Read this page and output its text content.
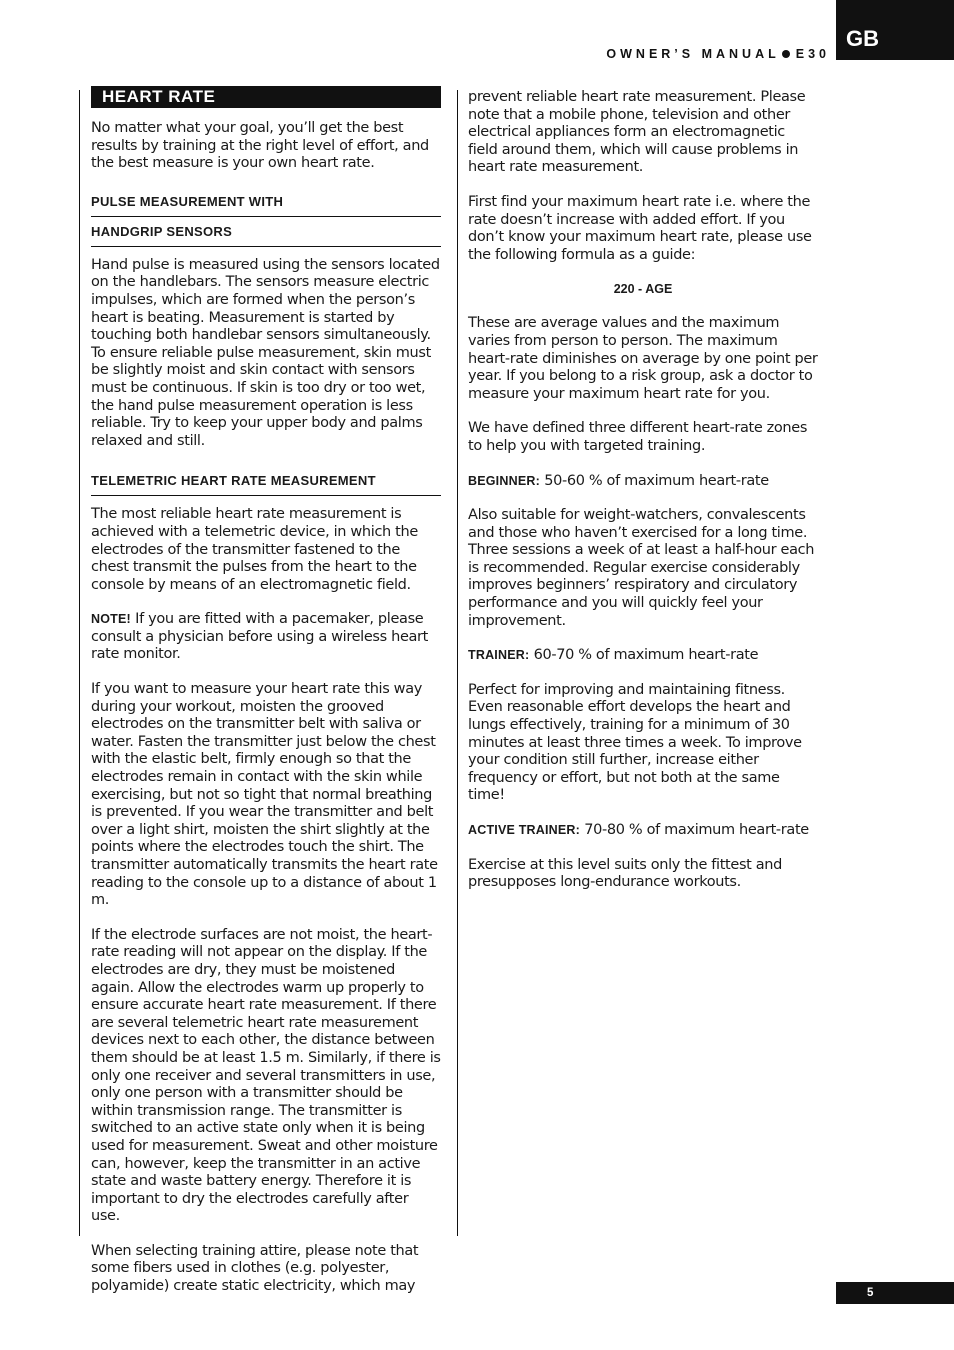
GB
OWNER’S MANUAL E30
HEART RATE

No matter what your goal, you’ll get the best results by training at the right level of effort, and the best measure is your own heart rate.

PULSE MEASUREMENT WITH
HANDGRIP SENSORS

Hand pulse is measured using the sensors located on the handlebars. The sensors measure electric impulses, which are formed when the person’s heart is beating. Measurement is started by touching both handlebar sensors simultaneously. To ensure reliable pulse measurement, skin must be slightly moist and skin contact with sensors must be continuous. If skin is too dry or too wet, the hand pulse measurement operation is less reliable. Try to keep your upper body and palms relaxed and still.

TELEMETRIC HEART RATE MEASUREMENT

The most reliable heart rate measurement is achieved with a telemetric device, in which the electrodes of the transmitter fastened to the chest transmit the pulses from the heart to the console by means of an electromagnetic field.

NOTE! If you are fitted with a pacemaker, please consult a physician before using a wireless heart rate monitor.

If you want to measure your heart rate this way during your workout, moisten the grooved electrodes on the transmitter belt with saliva or water. Fasten the transmitter just below the chest with the elastic belt, firmly enough so that the electrodes remain in contact with the skin while exercising, but not so tight that normal breathing is prevented. If you wear the transmitter and belt over a light shirt, moisten the shirt slightly at the points where the electrodes touch the shirt. The transmitter automatically transmits the heart rate reading to the console up to a distance of about 1 m.

If the electrode surfaces are not moist, the heart-rate reading will not appear on the display. If the electrodes are dry, they must be moistened again. Allow the electrodes warm up properly to ensure accurate heart rate measurement. If there are several telemetric heart rate measurement devices next to each other, the distance between them should be at least 1.5 m. Similarly, if there is only one receiver and several transmitters in use, only one person with a transmitter should be within transmission range. The transmitter is switched to an active state only when it is being used for measurement. Sweat and other moisture can, however, keep the transmitter in an active state and waste battery energy. Therefore it is important to dry the electrodes carefully after use.

When selecting training attire, please note that some fibers used in clothes (e.g. polyester, polyamide) create static electricity, which may

prevent reliable heart rate measurement. Please note that a mobile phone, television and other electrical appliances form an electromagnetic field around them, which will cause problems in heart rate measurement.

First find your maximum heart rate i.e. where the rate doesn’t increase with added effort. If you don’t know your maximum heart rate, please use the following formula as a guide:

220 - AGE

These are average values and the maximum varies from person to person. The maximum heart-rate diminishes on average by one point per year. If you belong to a risk group, ask a doctor to measure your maximum heart rate for you.

We have defined three different heart-rate zones to help you with targeted training.

BEGINNER: 50-60 % of maximum heart-rate

Also suitable for weight-watchers, convalescents and those who haven’t exercised for a long time. Three sessions a week of at least a half-hour each is recommended. Regular exercise considerably improves beginners’ respiratory and circulatory performance and you will quickly feel your improvement.

TRAINER: 60-70 % of maximum heart-rate

Perfect for improving and maintaining fitness. Even reasonable effort develops the heart and lungs effectively, training for a minimum of 30 minutes at least three times a week. To improve your condition still further, increase either frequency or effort, but not both at the same time!

ACTIVE TRAINER: 70-80 % of maximum heart-rate

Exercise at this level suits only the fittest and presupposes long-endurance workouts.

5
